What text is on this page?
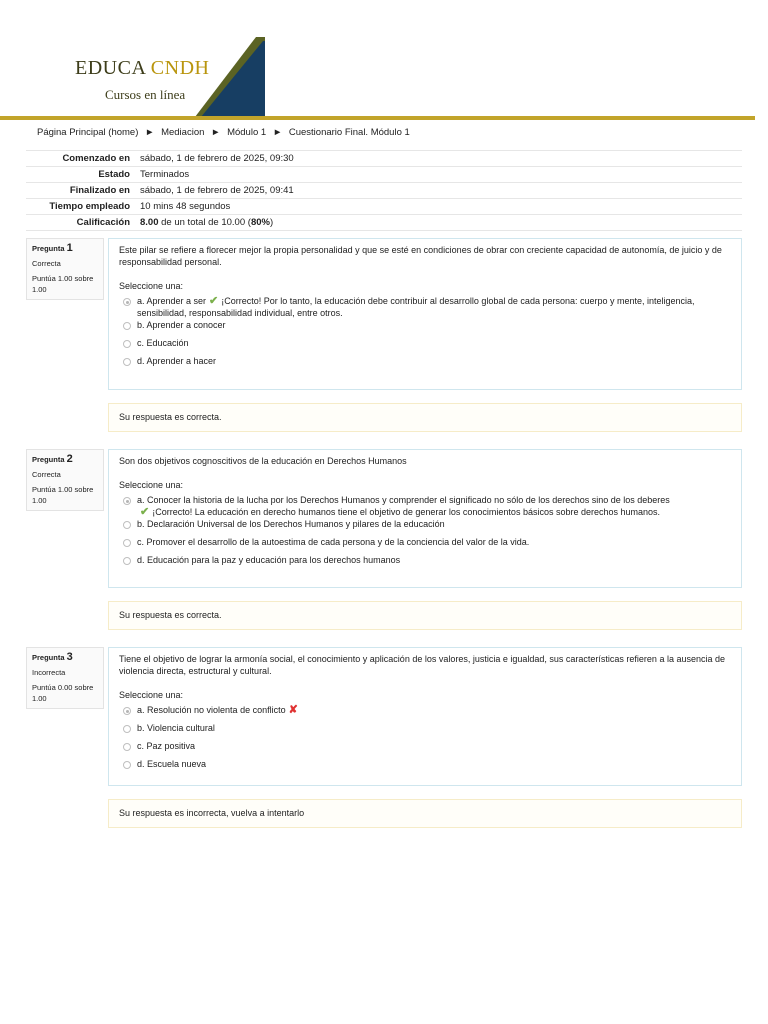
EDUCA CNDH
Cursos en línea
Página Principal (home) ► Mediacion ► Módulo 1 ► Cuestionario Final. Módulo 1
Comenzado en	sábado, 1 de febrero de 2025, 09:30
Estado	Terminados
Finalizado en	sábado, 1 de febrero de 2025, 09:41
Tiempo empleado	10 mins 48 segundos
Calificación	8.00 de un total de 10.00 (80%)
Pregunta 1
Correcta
Puntúa 1.00 sobre 1.00
Este pilar se refiere a florecer mejor la propia personalidad y que se esté en condiciones de obrar con creciente capacidad de autonomía, de juicio y de responsabilidad personal.
Seleccione una:
a. Aprender a ser ✔ ¡Correcto! Por lo tanto, la educación debe contribuir al desarrollo global de cada persona: cuerpo y mente, inteligencia, sensibilidad, responsabilidad individual, entre otros.
b. Aprender a conocer
c. Educación
d. Aprender a hacer
Su respuesta es correcta.
Pregunta 2
Correcta
Puntúa 1.00 sobre 1.00
Son dos objetivos cognoscitivos de la educación en Derechos Humanos
Seleccione una:
a. Conocer la historia de la lucha por los Derechos Humanos y comprender el significado no sólo de los derechos sino de los deberes
✔ ¡Correcto! La educación en derecho humanos tiene el objetivo de generar los conocimientos básicos sobre derechos humanos.
b. Declaración Universal de los Derechos Humanos y pilares de la educación
c. Promover el desarrollo de la autoestima de cada persona y de la conciencia del valor de la vida.
d. Educación para la paz y educación para los derechos humanos
Su respuesta es correcta.
Pregunta 3
Incorrecta
Puntúa 0.00 sobre 1.00
Tiene el objetivo de lograr la armonía social, el conocimiento y aplicación de los valores, justicia e igualdad, sus características refieren a la ausencia de violencia directa, estructural y cultural.
Seleccione una:
a. Resolución no violenta de conflicto ✘
b. Violencia cultural
c. Paz positiva
d. Escuela nueva
Su respuesta es incorrecta, vuelva a intentarlo
